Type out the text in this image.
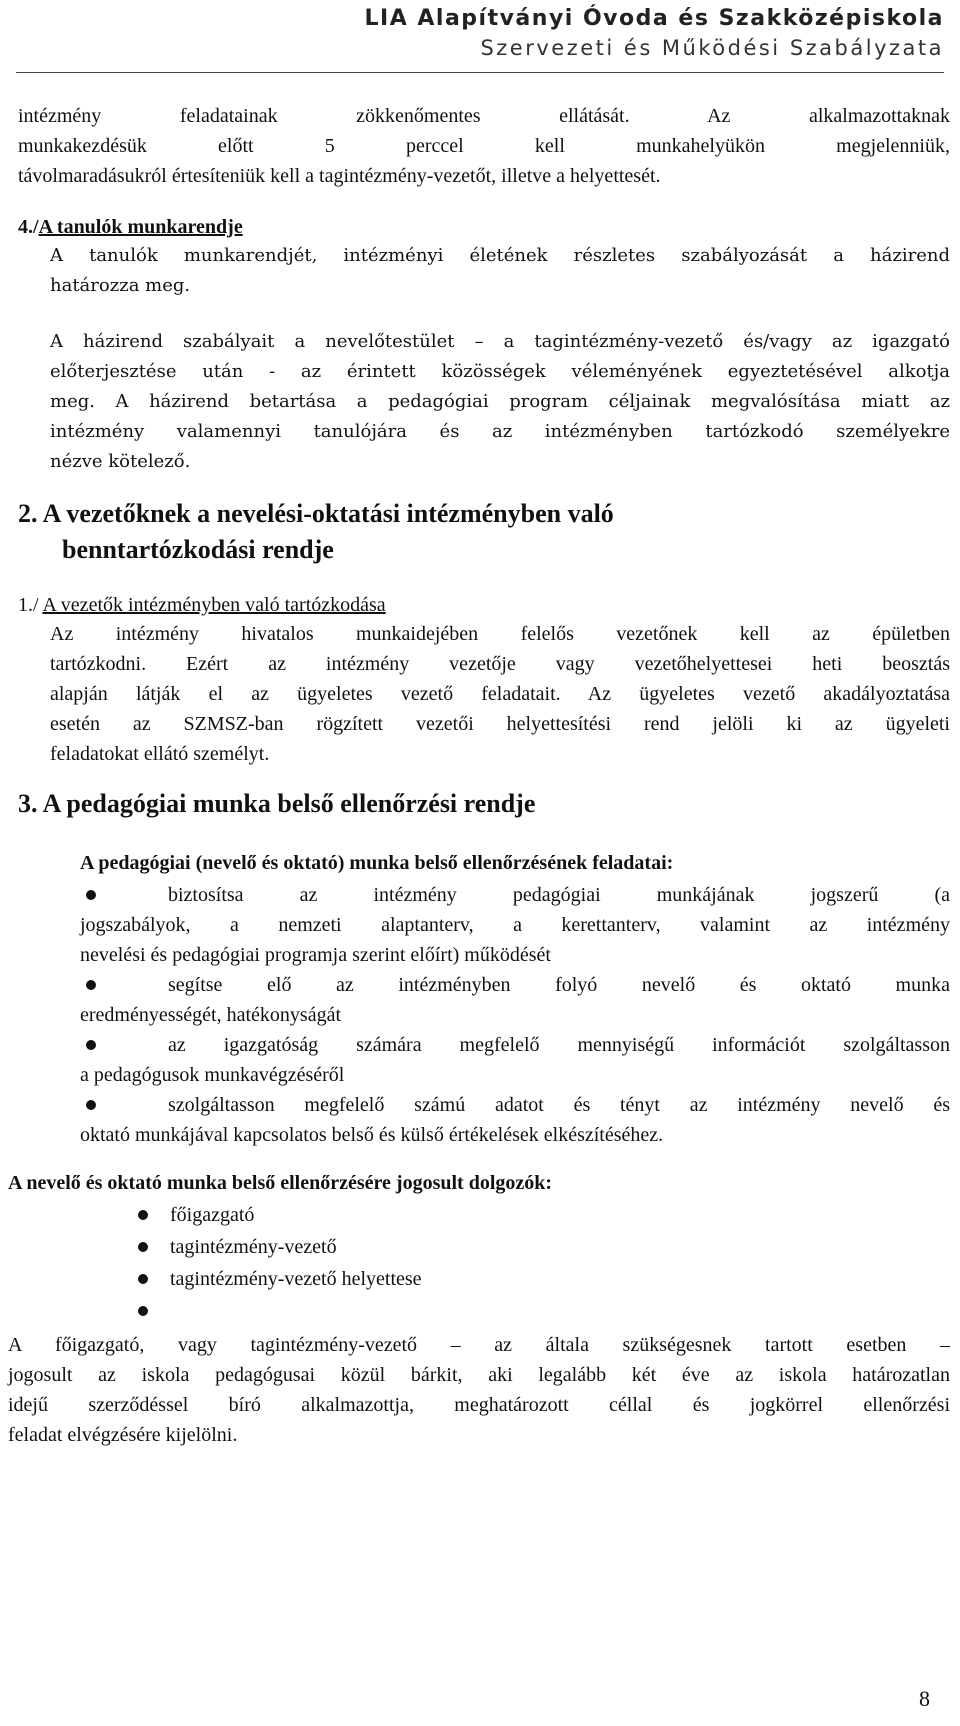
LIA Alapítványi Óvoda és Szakközépiskola
Szervezeti és Működési Szabályzata
intézmény feladatainak zökkenőmentes ellátását. Az alkalmazottaknak
munkakezdésük előtt 5 perccel kell munkahelyükön megjelenniük,
távolmaradásukról értesíteniük kell a tagintézmény-vezetőt, illetve a helyettesét.
4./A tanulók munkarendje
A tanulók munkarendjét, intézményi életének részletes szabályozását a házirend
határozza meg.
A házirend szabályait a nevelőtestület – a tagintézmény-vezető és/vagy az igazgató
előterjesztése után - az érintett közösségek véleményének egyeztetésével alkotja
meg. A házirend betartása a pedagógiai program céljainak megvalósítása miatt az
intézmény valamennyi tanulójára és az intézményben tartózkodó személyekre
nézve kötelező.
2. A vezetőknek a nevelési-oktatási intézményben való
benntartózkodási rendje
1./ A vezetők intézményben való tartózkodása
Az intézmény hivatalos munkaidejében felelős vezetőnek kell az épületben
tartózkodni. Ezért az intézmény vezetője vagy vezetőhelyettesei heti beosztás
alapján látják el az ügyeletes vezető feladatait. Az ügyeletes vezető akadályoztatása
esetén az SZMSZ-ban rögzített vezetői helyettesítési rend jelöli ki az ügyeleti
feladatokat ellátó személyt.
3. A pedagógiai munka belső ellenőrzési rendje
A pedagógiai (nevelő és oktató) munka belső ellenőrzésének feladatai:
biztosítsa az intézmény pedagógiai munkájának jogszerű (a
jogszabályok, a nemzeti alaptanterv, a kerettanterv, valamint az intézmény
nevelési és pedagógiai programja szerint előírt) működését
segítse elő az intézményben folyó nevelő és oktató munka
eredményességét, hatékonyságát
az igazgatóság számára megfelelő mennyiségű információt szolgáltasson
a pedagógusok munkavégzéséről
szolgáltasson megfelelő számú adatot és tényt az intézmény nevelő és
oktató munkájával kapcsolatos belső és külső értékelések elkészítéséhez.
A nevelő és oktató munka belső ellenőrzésére jogosult dolgozók:
főigazgató
tagintézmény-vezető
tagintézmény-vezető helyettese
A főigazgató, vagy tagintézmény-vezető – az általa szükségesnek tartott esetben –
jogosult az iskola pedagógusai közül bárkit, aki legalább két éve az iskola határozatlan
idejű szerződéssel bíró alkalmazottja, meghatározott céllal és jogkörrel ellenőrzési
feladat elvégzésére kijelölni.
8
